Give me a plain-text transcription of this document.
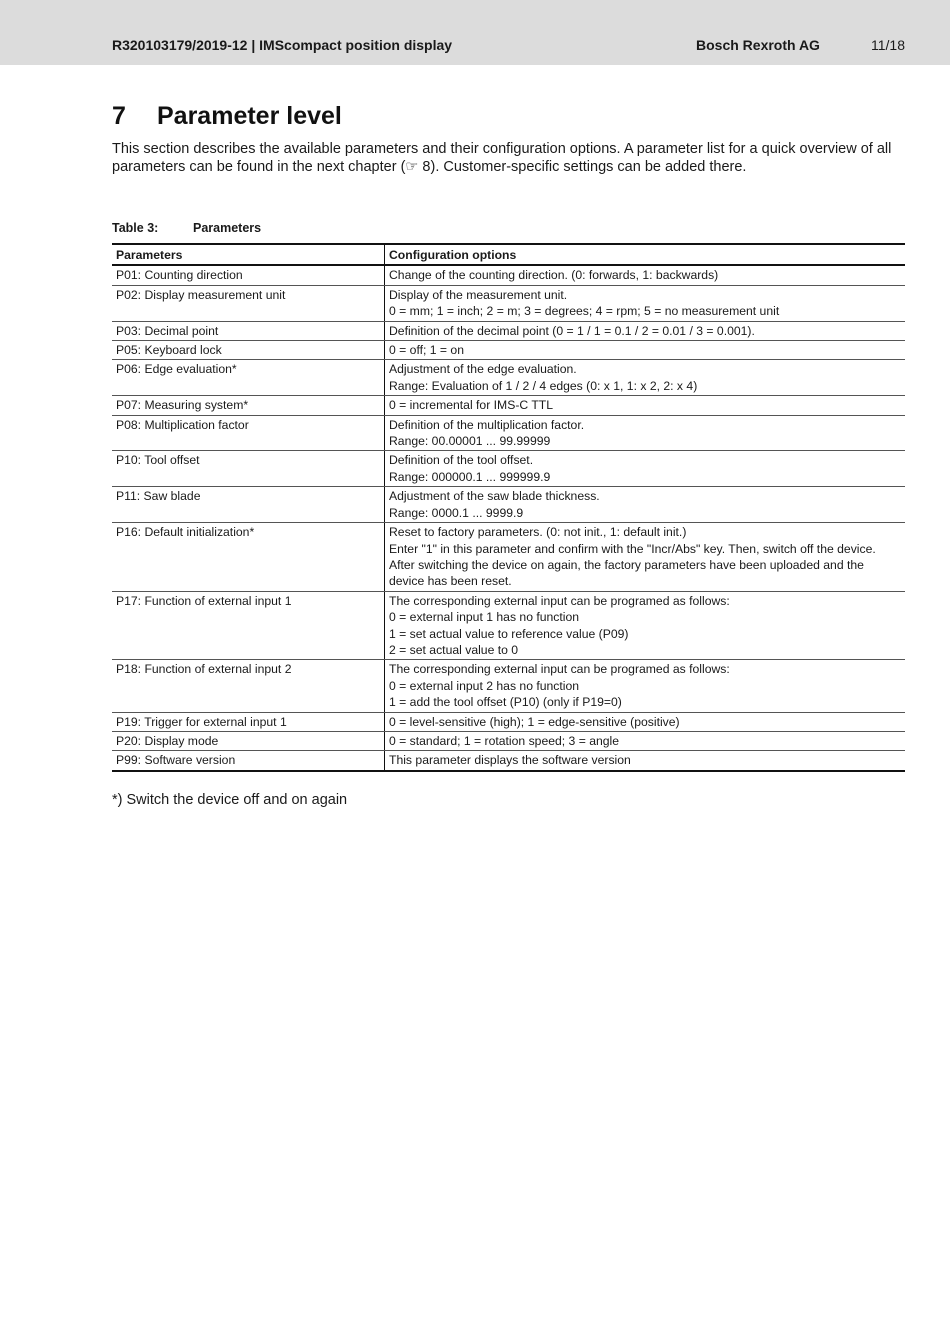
R320103179/2019-12 | IMScompact position display	Bosch Rexroth AG	11/18
7 Parameter level
This section describes the available parameters and their configuration options. A parameter list for a quick overview of all parameters can be found in the next chapter (☞ 8). Customer-specific settings can be added there.
Table 3:	Parameters
Parameters	Configuration options
P01: Counting direction	Change of the counting direction. (0: forwards, 1: backwards)

P02: Display measurement unit	Display of the measurement unit.
0 = mm; 1 = inch; 2 = m; 3 = degrees; 4 = rpm; 5 = no measurement unit

P03: Decimal point	Definition of the decimal point (0 = 1 / 1 = 0.1 / 2 = 0.01 / 3 = 0.001).

P05: Keyboard lock	0 = off; 1 = on

P06: Edge evaluation*	Adjustment of the edge evaluation.
Range: Evaluation of 1 / 2 / 4 edges (0: x 1, 1: x 2, 2: x 4)

P07: Measuring system*	0 = incremental for IMS-C TTL

P08: Multiplication factor	Definition of the multiplication factor.
Range: 00.00001 ... 99.99999

P10: Tool offset	Definition of the tool offset.
Range: 000000.1 ... 999999.9

P11: Saw blade	Adjustment of the saw blade thickness.
Range: 0000.1 ... 9999.9

P16: Default initialization*	Reset to factory parameters. (0: not init., 1: default init.)
Enter "1" in this parameter and confirm with the "Incr/Abs" key. Then, switch off the device. After switching the device on again, the factory parameters have been uploaded and the device has been reset.

P17: Function of external input 1	The corresponding external input can be programed as follows:
0 = external input 1 has no function
1 = set actual value to reference value (P09)
2 = set actual value to 0

P18: Function of external input 2	The corresponding external input can be programed as follows:
0 = external input 2 has no function
1 = add the tool offset (P10) (only if P19=0)

P19: Trigger for external input 1	0 = level-sensitive (high); 1 = edge-sensitive (positive)

P20: Display mode	0 = standard; 1 = rotation speed; 3 = angle

P99: Software version	This parameter displays the software version
*) Switch the device off and on again
